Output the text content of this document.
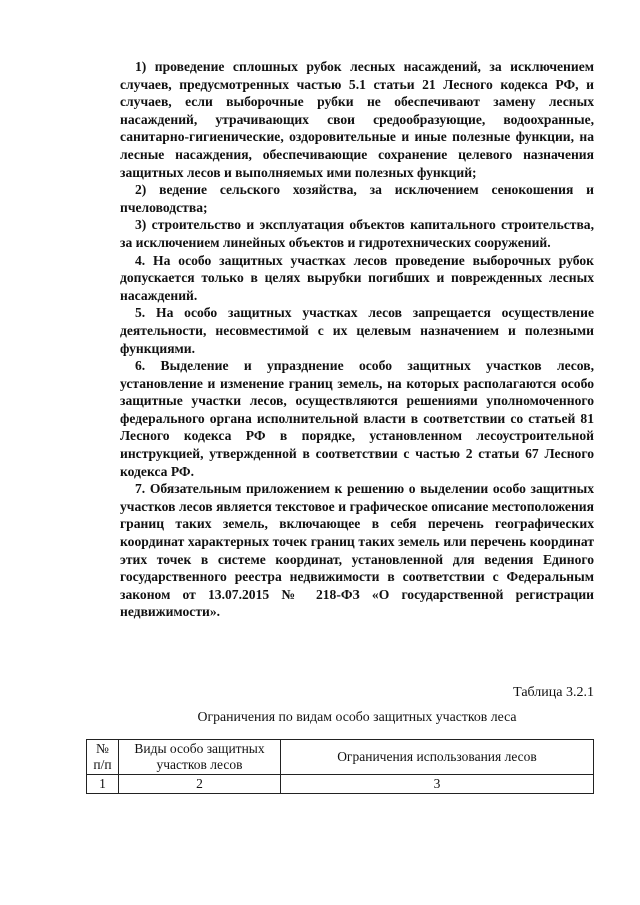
1) проведение сплошных рубок лесных насаждений, за исключением случаев, предусмотренных частью 5.1 статьи 21 Лесного кодекса РФ, и случаев, если выборочные рубки не обеспечивают замену лесных насаждений, утрачивающих свои средообразующие, водоохранные, санитарно-гигиенические, оздоровительные и иные полезные функции, на лесные насаждения, обеспечивающие сохранение целевого назначения защитных лесов и выполняемых ими полезных функций;

2) ведение сельского хозяйства, за исключением сенокошения и пчеловодства;

3) строительство и эксплуатация объектов капитального строительства, за исключением линейных объектов и гидротехнических сооружений.

4. На особо защитных участках лесов проведение выборочных рубок допускается только в целях вырубки погибших и поврежденных лесных насаждений.

5. На особо защитных участках лесов запрещается осуществление деятельности, несовместимой с их целевым назначением и полезными функциями.

6. Выделение и упразднение особо защитных участков лесов, установление и изменение границ земель, на которых располагаются особо защитные участки лесов, осуществляются решениями уполномоченного федерального органа исполнительной власти в соответствии со статьей 81 Лесного кодекса РФ в порядке, установленном лесоустроительной инструкцией, утвержденной в соответствии с частью 2 статьи 67 Лесного кодекса РФ.

7. Обязательным приложением к решению о выделении особо защитных участков лесов является текстовое и графическое описание местоположения границ таких земель, включающее в себя перечень географических координат характерных точек границ таких земель или перечень координат этих точек в системе координат, установленной для ведения Единого государственного реестра недвижимости в соответствии с Федеральным законом от 13.07.2015 № 218-ФЗ «О государственной регистрации недвижимости».

Таблица 3.2.1
Ограничения по видам особо защитных участков леса
№ п/п	Виды особо защитных участков лесов	Ограничения использования лесов
1	2	3
